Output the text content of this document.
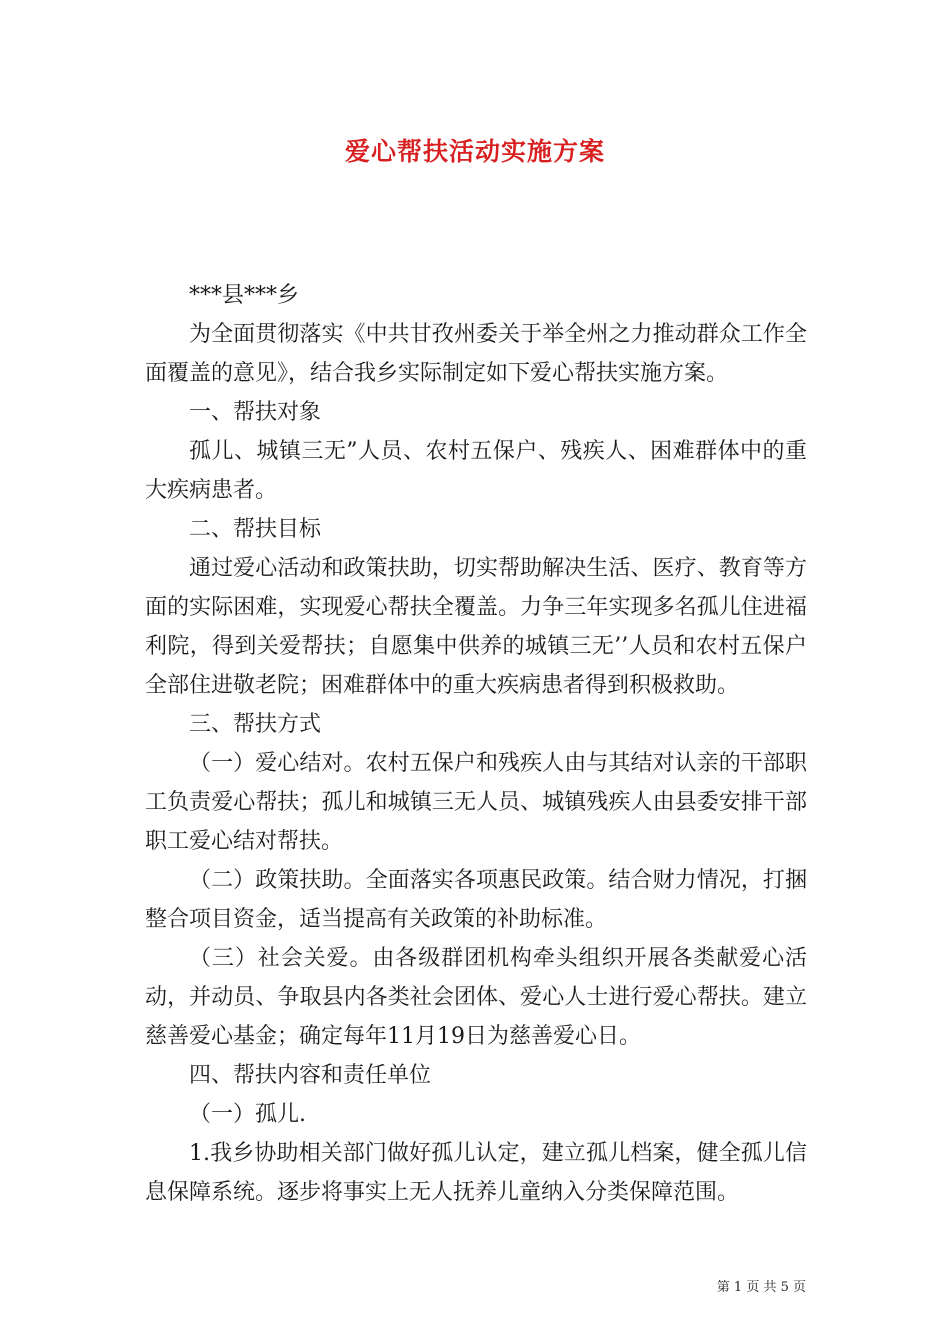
爱心帮扶活动实施方案

***县***乡

为全面贯彻落实《中共甘孜州委关于举全州之力推动群众工作全面覆盖的意见》，结合我乡实际制定如下爱心帮扶实施方案。

一、帮扶对象

孤儿、城镇三无”人员、农村五保户、残疾人、困难群体中的重大疾病患者。

二、帮扶目标

通过爱心活动和政策扶助，切实帮助解决生活、医疗、教育等方面的实际困难，实现爱心帮扶全覆盖。力争三年实现多名孤儿住进福利院，得到关爱帮扶；自愿集中供养的城镇三无’’人员和农村五保户全部住进敬老院；困难群体中的重大疾病患者得到积极救助。

三、帮扶方式

（一）爱心结对。农村五保户和残疾人由与其结对认亲的干部职工负责爱心帮扶；孤儿和城镇三无人员、城镇残疾人由县委安排干部职工爱心结对帮扶。

（二）政策扶助。全面落实各项惠民政策。结合财力情况，打捆整合项目资金，适当提高有关政策的补助标准。

（三）社会关爱。由各级群团机构牵头组织开展各类献爱心活动，并动员、争取县内各类社会团体、爱心人士进行爱心帮扶。建立慈善爱心基金；确定每年11月19日为慈善爱心日。

四、帮扶内容和责任单位

（一）孤儿.

1.我乡协助相关部门做好孤儿认定，建立孤儿档案，健全孤儿信息保障系统。逐步将事实上无人抚养儿童纳入分类保障范围。

第 1 页 共 5 页
